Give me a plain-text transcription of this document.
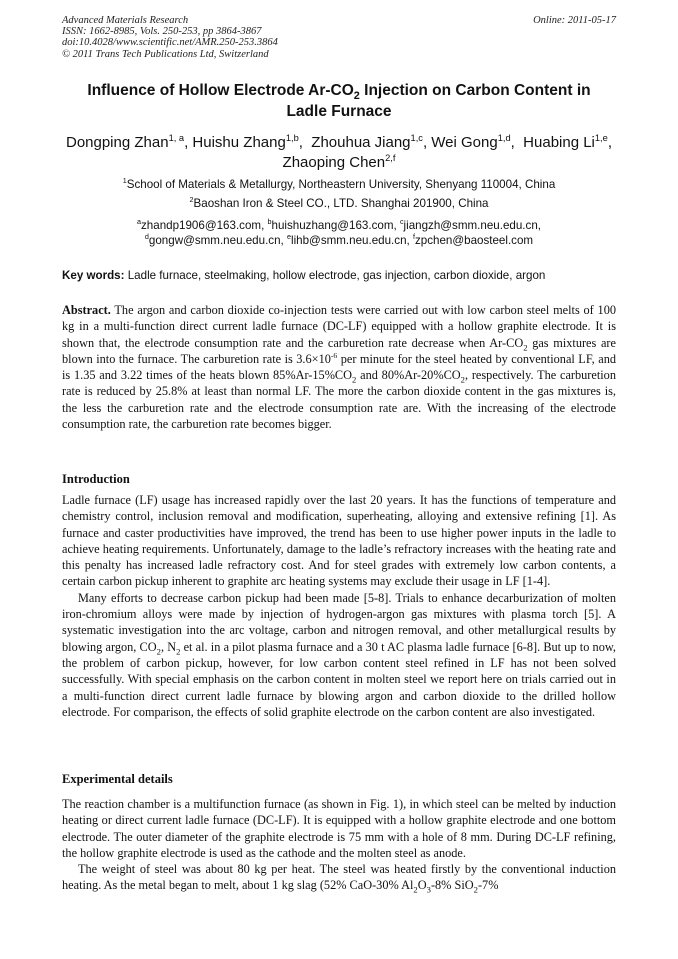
Advanced Materials Research
ISSN: 1662-8985, Vols. 250-253, pp 3864-3867
doi:10.4028/www.scientific.net/AMR.250-253.3864
© 2011 Trans Tech Publications Ltd, Switzerland
Online: 2011-05-17
Influence of Hollow Electrode $Ar-CO_2$ Injection on Carbon Content in
Ladle Furnace
Dongping Zhan$^{1, a}$, Huishu Zhang$^{1,b}$,  Zhouhua Jiang$^{1,c}$, Wei Gong$^{1,d}$,  Huabing Li$^{1,e}$, Zhaoping Chen$^{2,f}$
$^1$School of Materials & Metallurgy, Northeastern University, Shenyang 110004, China
$^2$Baoshan Iron & Steel CO., LTD. Shanghai 201900, China
$^a$zhandp1906@163.com, $^b$huishuzhang@163.com, $^c$jiangzh@smm.neu.edu.cn,
$^d$gongw@smm.neu.edu.cn, $^e$lihb@smm.neu.edu.cn, $^f$zpchen@baosteel.com
Key words: Ladle furnace, steelmaking, hollow electrode, gas injection, carbon dioxide, argon

Abstract. The argon and carbon dioxide co-injection tests were carried out with low carbon steel melts of 100 kg in a multi-function direct current ladle furnace (DC-LF) equipped with a hollow graphite electrode. It is shown that, the electrode consumption rate and the carburetion rate decrease when $Ar-CO_2$ gas mixtures are blown into the furnace. The carburetion rate is $3.6\times 10^{-6}$ per minute for the steel heated by conventional LF, and is 1.35 and 3.22 times of the heats blown $85\%Ar-15\%CO_2$ and $80\%Ar-20\%CO_2$, respectively. The carburetion rate is reduced by 25.8% at least than normal LF. The more the carbon dioxide content in the gas mixtures is, the less the carburetion rate and the electrode consumption rate are. With the increasing of the electrode consumption rate, the carburetion rate becomes bigger.

Introduction

Ladle furnace (LF) usage has increased rapidly over the last 20 years. It has the functions of temperature and chemistry control, inclusion removal and modification, superheating, alloying and extensive refining [1]. As furnace and caster productivities have improved, the trend has been to use higher power inputs in the ladle to achieve heating requirements. Unfortunately, damage to the ladle’s refractory increases with the heating rate and this penalty has increased ladle refractory cost. And for steel grades with extremely low carbon contents, a certain carbon pickup inherent to graphite arc heating systems may exclude their usage in LF [1-4].

Many efforts to decrease carbon pickup had been made [5-8]. Trials to enhance decarburization of molten iron-chromium alloys were made by injection of hydrogen-argon gas mixtures with plasma torch [5]. A systematic investigation into the arc voltage, carbon and nitrogen removal, and other metallurgical results by blowing argon, $CO_2$, $N_2$ et al. in a pilot plasma furnace and a 30 t AC plasma ladle furnace [6-8]. But up to now, the problem of carbon pickup, however, for low carbon content steel refined in LF has not been solved successfully. With special emphasis on the carbon content in molten steel we report here on trials carried out in a multi-function direct current ladle furnace by blowing argon and carbon dioxide to the drilled hollow electrode. For comparison, the effects of solid graphite electrode on the carbon content are also investigated.

Experimental details

The reaction chamber is a multifunction furnace (as shown in Fig. 1), in which steel can be melted by induction heating or direct current ladle furnace (DC-LF). It is equipped with a hollow graphite electrode and one bottom electrode. The outer diameter of the graphite electrode is 75 mm with a hole of 8 mm. During DC-LF refining, the hollow graphite electrode is used as the cathode and the molten steel as anode.

The weight of steel was about 80 kg per heat. The steel was heated firstly by the conventional induction heating. As the metal began to melt, about 1 kg slag (52% CaO-30% $Al_2O_3-8\%$ SiO$_2$-7%
